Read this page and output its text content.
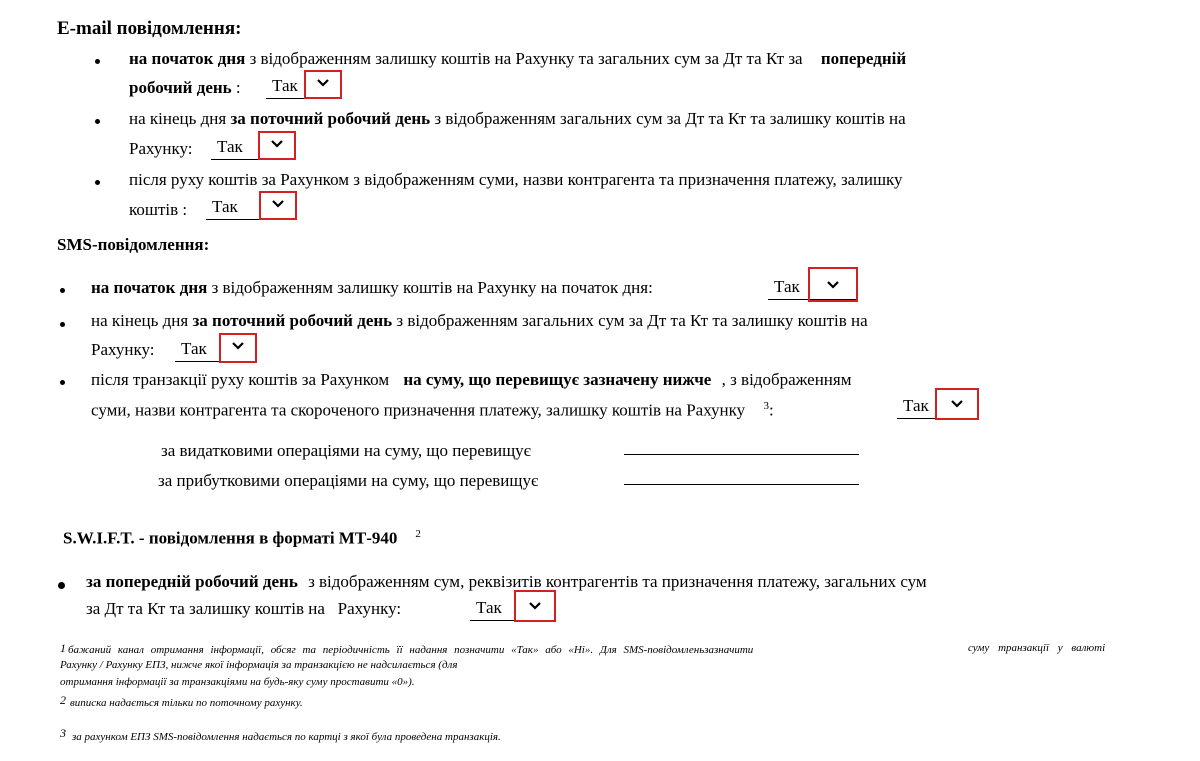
E-mail повідомлення:
на початок дня з відображенням залишку коштів на Рахунку та загальних сум за Дт та Кт за попередній
робочий день : Так
на кінець дня за поточний робочий день з відображенням загальних сум за Дт та Кт та залишку коштів на
Рахунку: Так
після руху коштів за Рахунком з відображенням суми, назви контрагента та призначення платежу, залишку
коштів : Так
SMS-повідомлення:
на початок дня з відображенням залишку коштів на Рахунку на початок дня:	Так
на кінець дня за поточний робочий день з відображенням загальних сум за Дт та Кт та залишку коштів на
Рахунку: Так
після транзакції руху коштів за Рахунком на суму, що перевищує зазначену нижче , з відображенням
суми, назви контрагента та скороченого призначення платежу, залишку коштів на Рахунку $^3$:	Так
за видатковими операціями на суму, що перевищує
за прибутковими операціями на суму, що перевищує
S.W.I.F.T. - повідомлення в форматі МТ-940 $^2$
за попередній робочий день з відображенням сум, реквізитів контрагентів та призначення платежу, загальних сум
за Дт та Кт та залишку коштів на   Рахунку:	Так
1 бажаний канал отримання інформації, обсяг та періодичність її надання позначити «Так» або «Ні». Для SMS-повідомленьзазначити	суму транзакції у валюті
Рахунку / Рахунку ЕПЗ, нижче якої інформація за транзакцією не надсилається (для
отримання інформації за транзакціями на будь-яку суму проставити «0»).
2 виписка надається тільки по поточному рахунку.
3 за рахунком ЕПЗ SMS-повідомлення надається по картці з якої була проведена транзакція.
